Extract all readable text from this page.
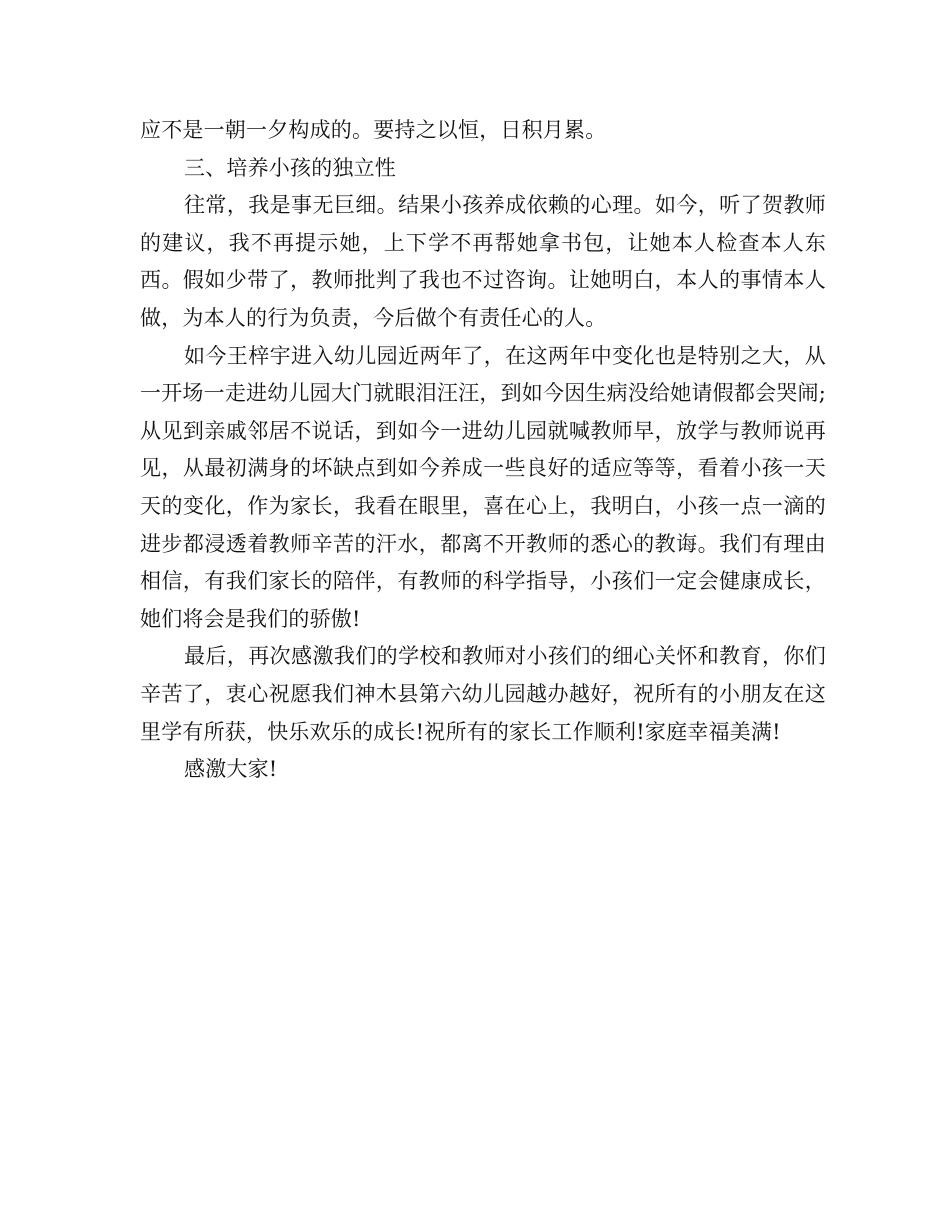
应不是一朝一夕构成的。要持之以恒，日积月累。

三、培养小孩的独立性

往常，我是事无巨细。结果小孩养成依赖的心理。如今，听了贺教师的建议，我不再提示她，上下学不再帮她拿书包，让她本人检查本人东西。假如少带了，教师批判了我也不过咨询。让她明白，本人的事情本人做，为本人的行为负责，今后做个有责任心的人。

如今王梓宇进入幼儿园近两年了，在这两年中变化也是特别之大，从一开场一走进幼儿园大门就眼泪汪汪，到如今因生病没给她请假都会哭闹;从见到亲戚邻居不说话，到如今一进幼儿园就喊教师早，放学与教师说再见，从最初满身的坏缺点到如今养成一些良好的适应等等，看着小孩一天天的变化，作为家长，我看在眼里，喜在心上，我明白，小孩一点一滴的进步都浸透着教师辛苦的汗水，都离不开教师的悉心的教诲。我们有理由相信，有我们家长的陪伴，有教师的科学指导，小孩们一定会健康成长，她们将会是我们的骄傲!

最后，再次感激我们的学校和教师对小孩们的细心关怀和教育，你们辛苦了，衷心祝愿我们神木县第六幼儿园越办越好，祝所有的小朋友在这里学有所获，快乐欢乐的成长!祝所有的家长工作顺利!家庭幸福美满!

感激大家!
